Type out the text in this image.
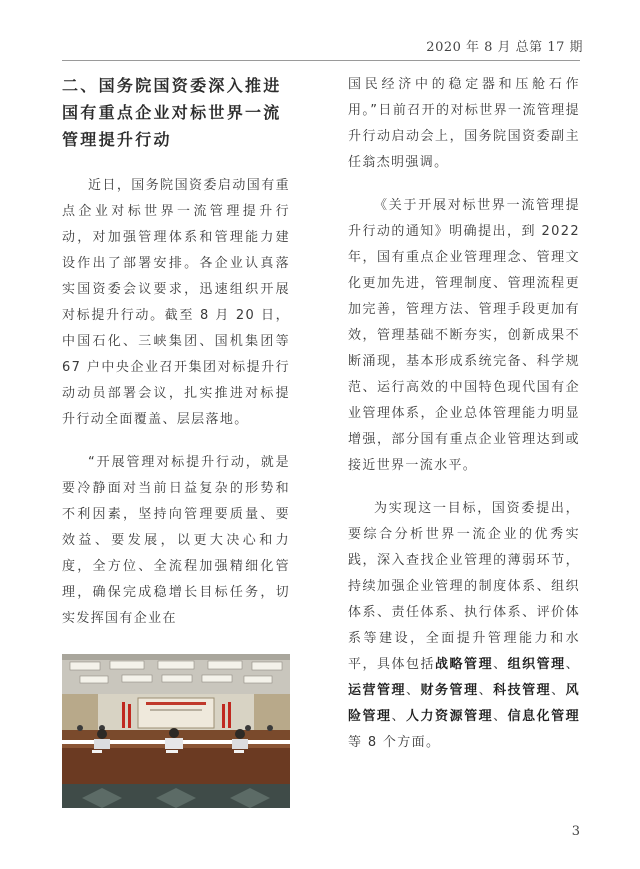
2020 年 8 月 总第 17 期
二、国务院国资委深入推进国有重点企业对标世界一流管理提升行动

近日，国务院国资委启动国有重点企业对标世界一流管理提升行动，对加强管理体系和管理能力建设作出了部署安排。各企业认真落实国资委会议要求，迅速组织开展对标提升行动。截至 8 月 20 日，中国石化、三峡集团、国机集团等 67 户中央企业召开集团对标提升行动动员部署会议，扎实推进对标提升行动全面覆盖、层层落地。

“开展管理对标提升行动，就是要冷静面对当前日益复杂的形势和不利因素，坚持向管理要质量、要效益、要发展，以更大决心和力度，全方位、全流程加强精细化管理，确保完成稳增长目标任务，切实发挥国有企业在

国民经济中的稳定器和压舱石作用。”日前召开的对标世界一流管理提升行动启动会上，国务院国资委副主任翁杰明强调。

《关于开展对标世界一流管理提升行动的通知》明确提出，到 2022 年，国有重点企业管理理念、管理文化更加先进，管理制度、管理流程更加完善，管理方法、管理手段更加有效，管理基础不断夯实，创新成果不断涌现，基本形成系统完备、科学规范、运行高效的中国特色现代国有企业管理体系，企业总体管理能力明显增强，部分国有重点企业管理达到或接近世界一流水平。

为实现这一目标，国资委提出，要综合分析世界一流企业的优秀实践，深入查找企业管理的薄弱环节，持续加强企业管理的制度体系、组织体系、责任体系、执行体系、评价体系等建设，全面提升管理能力和水平，具体包括战略管理、组织管理、运营管理、财务管理、科技管理、风险管理、人力资源管理、信息化管理等 8 个方面。

3
